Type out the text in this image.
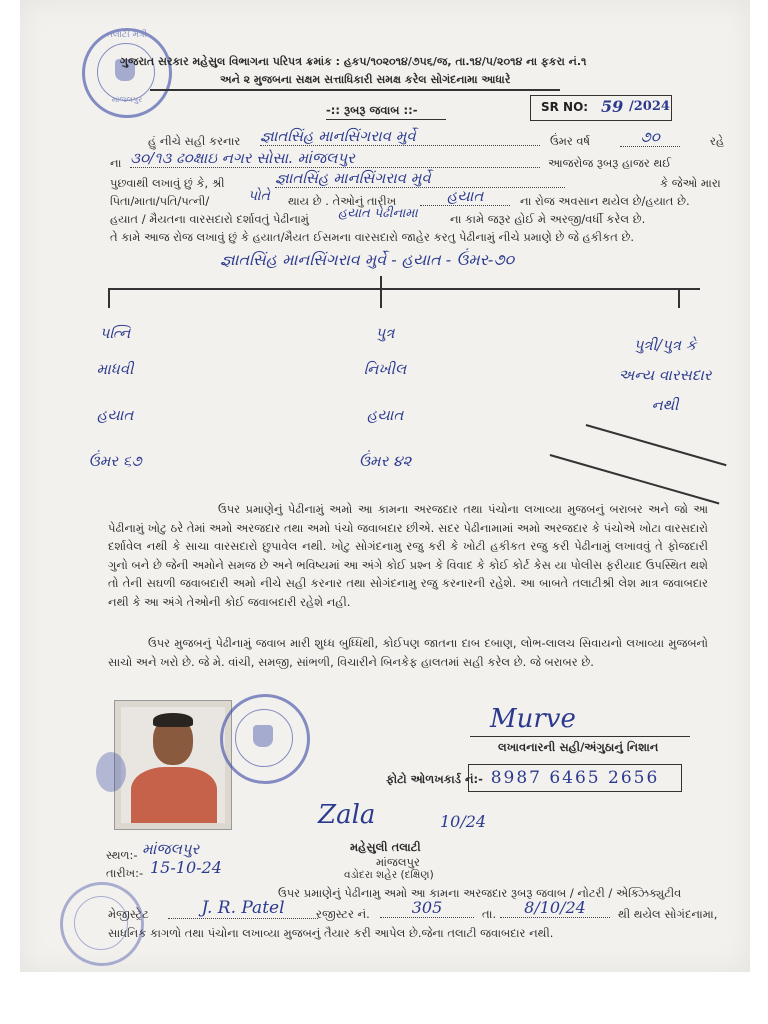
તલાટી મંત્રી
માંજલપુર
ગુજરાત સરકાર મહેસુલ વિભાગના પરિપત્ર ક્રમાંક : હકપ/૧૦૨૦૧૪/૭૫૬/જ, તા.૧૪/૫/૨૦૧૪ ના ફકરા નં.૧
અને ૨ મુજબના સક્ષમ સત્તાધિકારી સમક્ષ કરેલ સોગંદનામા આધારે
-:: રૂબરૂ જવાબ ::-	SR NO: 59 /2024
હું નીચે સહી કરનાર જ્ઞાતસિંહ માનસિંગરાવ મુર્વે	ઉંમર વર્ષ	૭૦	રહે
ના ૩૦/૧૩ ઢ૦ક્ષાઇ નગર સોસા. માંજલપુર	આજરોજ રૂબરૂ હાજર થઈ
પુછવાથી લખાવું છું કે, શ્રી	જ્ઞાતસિંહ માનસિંગરાવ મુર્વે	કે જેઓ મારા
પિતા/માતા/પતિ/પત્ની/	પોતે થાય છે . તેઓનું તારીખ	હયાત	ના રોજ અવસાન થયેલ છે/હયાત છે.
હયાત / મૈયતના વારસદારો દર્શાવતું પેઢીનામું હયાત પેઢીનામા	ના કામે જરૂર હોઈ મે અરજી/વર્ધી કરેલ છે.
તે કામે આજ રોજ લખાવું છું કે હયાત/મૈયત ઈસમના વારસદારો જાહેર કરતુ પેઢીનામું નીચે પ્રમાણે છે જે હકીકત છે.
જ્ઞાતસિંહ માનસિંગરાવ મુર્વે - હયાત - ઉંમર-૭૦
પત્નિ
માધવી
હયાત
ઉંમર ૬૭
પુત્ર
નિખીલ
હયાત
ઉંમર ૪૨
પુત્રી/પુત્ર કે
અન્ય વારસદાર
નથી
ઉપર પ્રમાણેનું પેઢીનામું અમો આ કામના અરજદાર તથા પંચોના લખાવ્યા મુજબનું બરાબર અને જો આ પેઢીનામું ખોટુ ઠરે તેમાં અમો અરજદાર તથા અમો પંચો જવાબદાર છીએ. સદર પેઢીનામામાં અમો અરજદાર કે પંચોએ ખોટા વારસદારો દર્શાવેલ નથી કે સાચા વારસદારો છુપાવેલ નથી. ખોટુ સોગંદનામુ રજુ કરી કે ખોટી હકીકત રજુ કરી પેઢીનામું લખાવવું તે ફોજદારી ગુનો બને છે જેની અમોને સમજ છે અને ભવિષ્યમાં આ અંગે કોઈ પ્રશ્ન કે વિવાદ કે કોઈ કોર્ટ કેસ યા પોલીસ ફરીયાદ ઉપસ્થિત થશે તો તેની સઘળી જવાબદારી અમો નીચે સહી કરનાર તથા સોગંદનામુ રજુ કરનારની રહેશે. આ બાબતે તલાટીશ્રી લેશ માત્ર જવાબદાર નથી કે આ અંગે તેઓની કોઈ જવાબદારી રહેશે નહી.
ઉપર મુજબનું પેઢીનામું જવાબ મારી શુધ્ધ બુધ્ધિથી, કોઈપણ જાતના દાબ દબાણ, લોભ-લાલચ સિવાયનો લખાવ્યા મુજબનો સાચો અને ખરો છે. જે મે. વાંચી, સમજી, સાંભળી, વિચારીને બિનકેફ હાલતમાં સહી કરેલ છે. જે બરાબર છે.
Murve
લખાવનારની સહી/અંગુઠાનું નિશાન
ફોટો ઓળખકાર્ડ નં:- 8987 6465 2656
સ્થળ:- માંજલપુર
તારીખ:- 15-10-24
Zala	10/24
મહેસુલી તલાટી
માંજલપુર
વડોદરા શહેર (દક્ષિણ)
ઉપર પ્રમાણેનું પેઢીનામુ અમો આ કામના અરજદાર રૂબરૂ જવાબ / નોટરી / એક્ઝિક્યુટીવ
મેજીસ્ટ્રેટ	J. R. Patel	રજીસ્ટર નં.	305	તા.	8/10/24	થી થયેલ સોગંદનામા,
સાધનિક કાગળો તથા પંચોના લખાવ્યા મુજબનું તૈયાર કરી આપેલ છે.જેના તલાટી જવાબદાર નથી.
